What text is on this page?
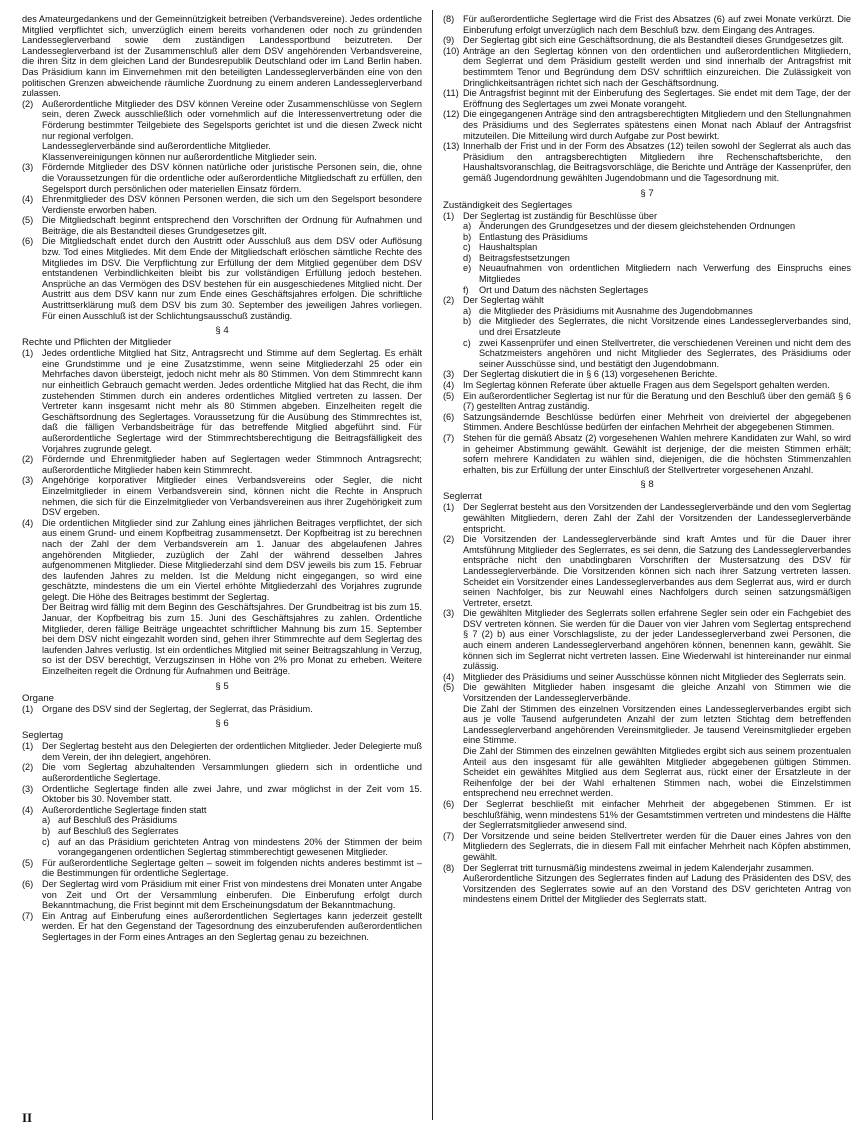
des Amateurgedankens und der Gemeinnützigkeit betreiben (Verbandsvereine). Jedes ordentliche Mitglied verpflichtet sich, unverzüglich einem bereits vorhandenen oder noch zu gründenden Landesseglerverband sowie dem zuständigen Landessportbund beizutreten. Der Landesseglerverband ist der Zusammenschluß aller dem DSV angehörenden Verbandsvereine, die ihren Sitz in dem gleichen Land der Bundesrepublik Deutschland oder im Land Berlin haben. Das Präsidium kann im Einvernehmen mit den beteiligten Landesseglerverbänden eine von den politischen Grenzen abweichende räumliche Zuordnung zu einem anderen Landesseglerverband zulassen.

(2) Außerordentliche Mitglieder des DSV können Vereine oder Zusammenschlüsse von Seglern sein, deren Zweck ausschließlich oder vornehmlich auf die Interessenvertretung oder die Förderung bestimmter Teilgebiete des Segelsports gerichtet ist und die diesen Zweck nicht nur regional verfolgen.
Landesseglerverbände sind außerordentliche Mitglieder.
Klassenvereinigungen können nur außerordentliche Mitglieder sein.
(3) Fördernde Mitglieder des DSV können natürliche oder juristische Personen sein, die, ohne die Voraussetzungen für die ordentliche oder außerordentliche Mitgliedschaft zu erfüllen, den Segelsport durch persönlichen oder materiellen Einsatz fördern.
(4) Ehrenmitglieder des DSV können Personen werden, die sich um den Segelsport besondere Verdienste erworben haben.
(5) Die Mitgliedschaft beginnt entsprechend den Vorschriften der Ordnung für Aufnahmen und Beiträge, die als Bestandteil dieses Grundgesetzes gilt.
(6) Die Mitgliedschaft endet durch den Austritt oder Ausschluß aus dem DSV oder Auflösung bzw. Tod eines Mitgliedes. Mit dem Ende der Mitgliedschaft erlöschen sämtliche Rechte des Mitgliedes im DSV. Die Verpflichtung zur Erfüllung der dem Mitglied gegenüber dem DSV entstandenen Verbindlichkeiten bleibt bis zur vollständigen Erfüllung jedoch bestehen. Ansprüche an das Vermögen des DSV bestehen für ein ausgeschiedenes Mitglied nicht. Der Austritt aus dem DSV kann nur zum Ende eines Geschäftsjahres erfolgen. Die schriftliche Austrittserklärung muß dem DSV bis zum 30. September des jeweiligen Jahres vorliegen. Für einen Ausschluß ist der Schlichtungsausschuß zuständig.
§ 4
Rechte und Pflichten der Mitglieder
(1) Jedes ordentliche Mitglied hat Sitz, Antragsrecht und Stimme auf dem Seglertag. Es erhält eine Grundstimme und je eine Zusatzstimme, wenn seine Mitgliederzahl 25 oder ein Mehrfaches davon übersteigt, jedoch nicht mehr als 80 Stimmen. Von dem Stimmrecht kann nur einheitlich Gebrauch gemacht werden. Jedes ordentliche Mitglied hat das Recht, die ihm zustehenden Stimmen durch ein anderes ordentliches Mitglied vertreten zu lassen. Der Vertreter kann insgesamt nicht mehr als 80 Stimmen abgeben. Einzelheiten regelt die Geschäftsordnung des Seglertages. Voraussetzung für die Ausübung des Stimmrechtes ist, daß die fälligen Verbandsbeiträge für das betreffende Mitglied abgeführt sind. Für außerordentliche Seglertage wird der Stimmrechtsberechtigung die Beitragsfälligkeit des Vorjahres zugrunde gelegt.
(2) Fördernde und Ehrenmitglieder haben auf Seglertagen weder Stimmnoch Antragsrecht; außerordentliche Mitglieder haben kein Stimmrecht.
(3) Angehörige korporativer Mitglieder eines Verbandsvereins oder Segler, die nicht Einzelmitglieder in einem Verbandsverein sind, können nicht die Rechte in Anspruch nehmen, die sich für die Einzelmitglieder von Verbandsvereinen aus ihrer Zugehörigkeit zum DSV ergeben.
(4) Die ordentlichen Mitglieder sind zur Zahlung eines jährlichen Beitrages verpflichtet, der sich aus einem Grund- und einem Kopfbeitrag zusammensetzt. Der Kopfbeitrag ist zu berechnen nach der Zahl der dem Verbandsverein am 1. Januar des abgelaufenen Jahres angehörenden Mitglieder, zuzüglich der Zahl der während desselben Jahres aufgenommenen Mitglieder. Diese Mitgliederzahl sind dem DSV jeweils bis zum 15. Februar des laufenden Jahres zu melden. Ist die Meldung nicht eingegangen, so wird eine geschätzte, mindestens die um ein Viertel erhöhte Mitgliederzahl des Vorjahres zugrunde gelegt. Die Höhe des Beitrages bestimmt der Seglertag.
Der Beitrag wird fällig mit dem Beginn des Geschäftsjahres. Der Grundbeitrag ist bis zum 15. Januar, der Kopfbeitrag bis zum 15. Juni des Geschäftsjahres zu zahlen. Ordentliche Mitglieder, deren fällige Beiträge ungeachtet schriftlicher Mahnung bis zum 15. September bei dem DSV nicht eingezahlt worden sind, gehen ihrer Stimmrechte auf dem Seglertag des laufenden Jahres verlustig. Ist ein ordentliches Mitglied mit seiner Beitragszahlung in Verzug, so ist der DSV berechtigt, Verzugszinsen in Höhe von 2% pro Monat zu erheben. Weitere Einzelheiten regelt die Ordnung für Aufnahmen und Beiträge.
§ 5
Organe
(1) Organe des DSV sind der Seglertag, der Seglerrat, das Präsidium.
§ 6
Seglertag
(1) Der Seglertag besteht aus den Delegierten der ordentlichen Mitglieder. Jeder Delegierte muß dem Verein, der ihn delegiert, angehören.
(2) Die vom Seglertag abzuhaltenden Versammlungen gliedern sich in ordentliche und außerordentliche Seglertage.
(3) Ordentliche Seglertage finden alle zwei Jahre, und zwar möglichst in der Zeit vom 15. Oktober bis 30. November statt.
(4) Außerordentliche Seglertage finden statt
a) auf Beschluß des Präsidiums
b) auf Beschluß des Seglerrates
c) auf an das Präsidium gerichteten Antrag von mindestens 20% der Stimmen der beim vorangegangenen ordentlichen Seglertag stimmberechtigt gewesenen Mitglieder.
(5) Für außerordentliche Seglertage gelten – soweit im folgenden nichts anderes bestimmt ist – die Bestimmungen für ordentliche Seglertage.
(6) Der Seglertag wird vom Präsidium mit einer Frist von mindestens drei Monaten unter Angabe von Zeit und Ort der Versammlung einberufen. Die Einberufung erfolgt durch Bekanntmachung, die Frist beginnt mit dem Erscheinungsdatum der Bekanntmachung.
(7) Ein Antrag auf Einberufung eines außerordentlichen Seglertages kann jederzeit gestellt werden. Er hat den Gegenstand der Tagesordnung des einzuberufenden außerordentlichen Seglertages in der Form eines Antrages an den Seglertag genau zu bezeichnen.
(8) Für außerordentliche Seglertage wird die Frist des Absatzes (6) auf zwei Monate verkürzt. Die Einberufung erfolgt unverzüglich nach dem Beschluß bzw. dem Eingang des Antrages.
(9) Der Seglertag gibt sich eine Geschäftsordnung, die als Bestandteil dieses Grundgesetzes gilt.
(10) Anträge an den Seglertag können von den ordentlichen und außerordentlichen Mitgliedern, dem Seglerrat und dem Präsidium gestellt werden und sind innerhalb der Antragsfrist mit bestimmtem Tenor und Begründung dem DSV schriftlich einzureichen. Die Zulässigkeit von Dringlichkeitsanträgen richtet sich nach der Geschäftsordnung.
(11) Die Antragsfrist beginnt mit der Einberufung des Seglertages. Sie endet mit dem Tage, der der Eröffnung des Seglertages um zwei Monate vorangeht.
(12) Die eingegangenen Anträge sind den antragsberechtigten Mitgliedern und den Stellungnahmen des Präsidiums und des Seglerrates spätestens einen Monat nach Ablauf der Antragsfrist mitzuteilen. Die Mitteilung wird durch Aufgabe zur Post bewirkt.
(13) Innerhalb der Frist und in der Form des Absatzes (12) teilen sowohl der Seglerrat als auch das Präsidium den antragsberechtigten Mitgliedern ihre Rechenschaftsberichte, den Haushaltsvoranschlag, die Beitragsvorschläge, die Berichte und Anträge der Kassenprüfer, den gemäß Jugendordnung gewählten Jugendobmann und die Tagesordnung mit.
§ 7
Zuständigkeit des Seglertages
(1) Der Seglertag ist zuständig für Beschlüsse über
a) Änderungen des Grundgesetzes und der diesem gleichstehenden Ordnungen
b) Entlastung des Präsidiums
c) Haushaltsplan
d) Beitragsfestsetzungen
e) Neuaufnahmen von ordentlichen Mitgliedern nach Verwerfung des Einspruchs eines Mitgliedes
f) Ort und Datum des nächsten Seglertages
(2) Der Seglertag wählt
a) die Mitglieder des Präsidiums mit Ausnahme des Jugendobmannes
b) die Mitglieder des Seglerrates, die nicht Vorsitzende eines Landesseglerverbandes sind, und drei Ersatzleute
c) zwei Kassenprüfer und einen Stellvertreter, die verschiedenen Vereinen und nicht dem des Schatzmeisters angehören und nicht Mitglieder des Seglerrates, des Präsidiums oder seiner Ausschüsse sind, und bestätigt den Jugendobmann.
(3) Der Seglertag diskutiert die in § 6 (13) vorgesehenen Berichte.
(4) Im Seglertag können Referate über aktuelle Fragen aus dem Segelsport gehalten werden.
(5) Ein außerordentlicher Seglertag ist nur für die Beratung und den Beschluß über den gemäß § 6 (7) gestellten Antrag zuständig.
(6) Satzungsändernde Beschlüsse bedürfen einer Mehrheit von dreiviertel der abgegebenen Stimmen. Andere Beschlüsse bedürfen der einfachen Mehrheit der abgegebenen Stimmen.
(7) Stehen für die gemäß Absatz (2) vorgesehenen Wahlen mehrere Kandidaten zur Wahl, so wird in geheimer Abstimmung gewählt. Gewählt ist derjenige, der die meisten Stimmen erhält; sofern mehrere Kandidaten zu wählen sind, diejenigen, die die höchsten Stimmenzahlen erhalten, bis zur Erfüllung der unter Einschluß der Stellvertreter vorgesehenen Anzahl.
§ 8
Seglerrat
(1) Der Seglerrat besteht aus den Vorsitzenden der Landesseglerverbände und den vom Seglertag gewählten Mitgliedern, deren Zahl der Zahl der Vorsitzenden der Landesseglerverbände entspricht.
(2) Die Vorsitzenden der Landesseglerverbände sind kraft Amtes und für die Dauer ihrer Amtsführung Mitglieder des Seglerrates, es sei denn, die Satzung des Landesseglerverbandes entspräche nicht den unabdingbaren Vorschriften der Mustersatzung des DSV für Landesseglerverbände. Die Vorsitzenden können sich nach ihrer Satzung vertreten lassen. Scheidet ein Vorsitzender eines Landesseglerverbandes aus dem Seglerrat aus, wird er durch seinen Nachfolger, bis zur Neuwahl eines Nachfolgers durch seinen satzungsmäßigen Vertreter, ersetzt.
(3) Die gewählten Mitglieder des Seglerrats sollen erfahrene Segler sein oder ein Fachgebiet des DSV vertreten können. Sie werden für die Dauer von vier Jahren vom Seglertag entsprechend § 7 (2) b) aus einer Vorschlagsliste, zu der jeder Landesseglerverband zwei Personen, die auch einem anderen Landesseglerverband angehören können, benennen kann, gewählt. Sie können sich im Seglerrat nicht vertreten lassen. Eine Wiederwahl ist hintereinander nur einmal zulässig.
(4) Mitglieder des Präsidiums und seiner Ausschüsse können nicht Mitglieder des Seglerrats sein.
(5) Die gewählten Mitglieder haben insgesamt die gleiche Anzahl von Stimmen wie die Vorsitzenden der Landesseglerverbände.
Die Zahl der Stimmen des einzelnen Vorsitzenden eines Landesseglerverbandes ergibt sich aus je volle Tausend aufgerundeten Anzahl der zum letzten Stichtag dem betreffenden Landesseglerverband angehörenden Vereinsmitglieder. Je tausend Vereinsmitglieder ergeben eine Stimme.
Die Zahl der Stimmen des einzelnen gewählten Mitgliedes ergibt sich aus seinem prozentualen Anteil aus den insgesamt für alle gewählten Mitglieder abgegebenen gültigen Stimmen. Scheidet ein gewähltes Mitglied aus dem Seglerrat aus, rückt einer der Ersatzleute in der Reihenfolge der bei der Wahl erhaltenen Stimmen nach, wobei die Einzelstimmen entsprechend neu errechnet werden.
(6) Der Seglerrat beschließt mit einfacher Mehrheit der abgegebenen Stimmen. Er ist beschlußfähig, wenn mindestens 51% der Gesamtstimmen vertreten und mindestens die Hälfte der Seglerratsmitglieder anwesend sind.
(7) Der Vorsitzende und seine beiden Stellvertreter werden für die Dauer eines Jahres von den Mitgliedern des Seglerrats, die in diesem Fall mit einfacher Mehrheit nach Köpfen abstimmen, gewählt.
(8) Der Seglerrat tritt turnusmäßig mindestens zweimal in jedem Kalenderjahr zusammen.
Außerordentliche Sitzungen des Seglerrates finden auf Ladung des Präsidenten des DSV, des Vorsitzenden des Seglerrates sowie auf an den Vorstand des DSV gerichteten Antrag von mindestens einem Drittel der Mitglieder des Seglerrats statt.
II
